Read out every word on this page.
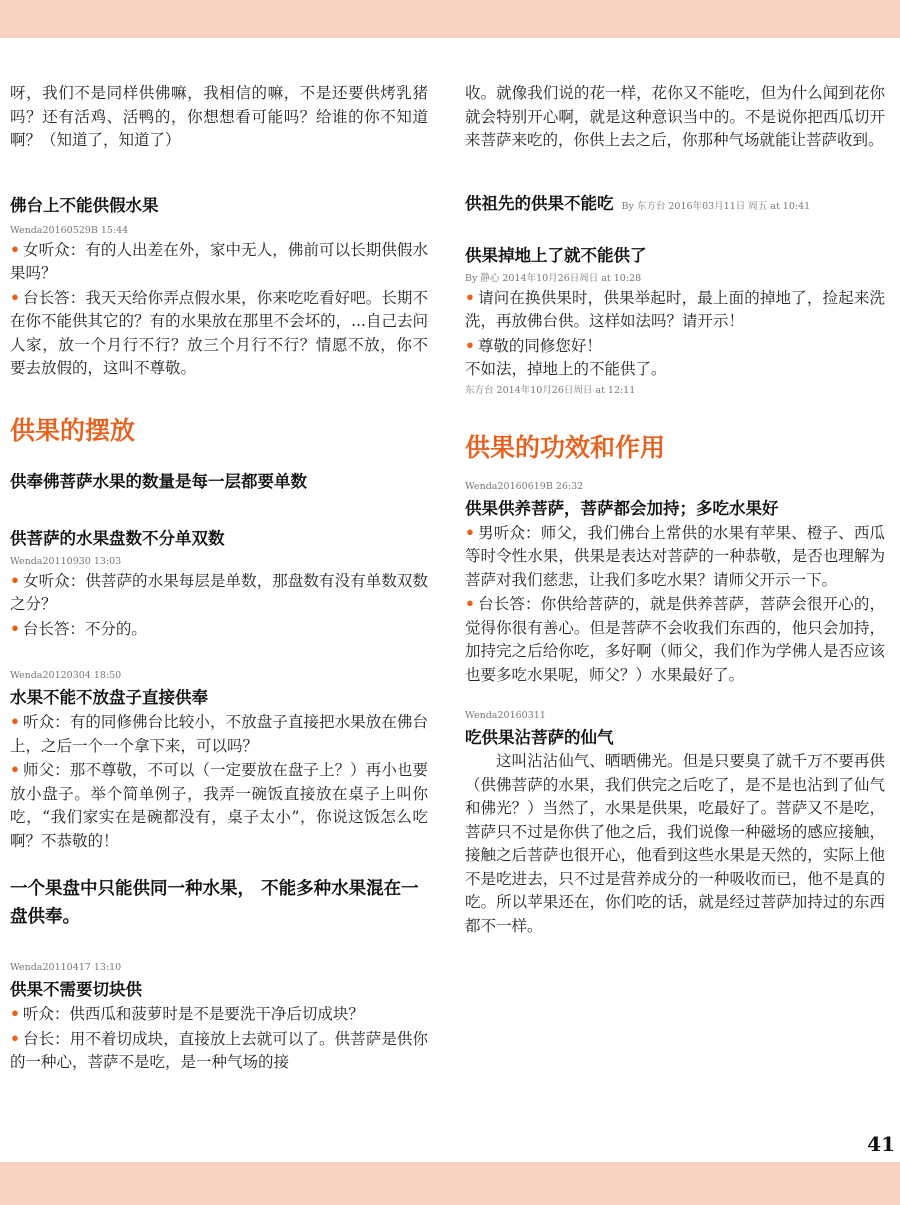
呀，我们不是同样供佛嘛，我相信的嘛，不是还要供烤乳猪吗？还有活鸡、活鸭的，你想想看可能吗？给谁的你不知道啊？（知道了，知道了）

佛台上不能供假水果

Wenda20160529B 15:44

• 女听众：有的人出差在外，家中无人，佛前可以长期供假水果吗？

• 台长答：我天天给你弄点假水果，你来吃吃看好吧。长期不在你不能供其它的？有的水果放在那里不会坏的，...自己去问人家，放一个月行不行？放三个月行不行？情愿不放，你不要去放假的，这叫不尊敬。

供果的摆放
供奉佛菩萨水果的数量是每一层都要单数
供菩萨的水果盘数不分单双数

Wenda20110930 13:03

• 女听众：供菩萨的水果每层是单数，那盘数有没有单数双数之分？

• 台长答：不分的。

Wenda20120304 18:50

水果不能不放盘子直接供奉

• 听众：有的同修佛台比较小，不放盘子直接把水果放在佛台上，之后一个一个拿下来，可以吗？

• 师父：那不尊敬，不可以（一定要放在盘子上？）再小也要放小盘子。举个简单例子，我弄一碗饭直接放在桌子上叫你吃，“我们家实在是碗都没有，桌子太小”，你说这饭怎么吃啊？不恭敬的！

一个果盘中只能供同一种水果， 不能多种水果混在一盘供奉。

Wenda20110417 13:10

供果不需要切块供

• 听众：供西瓜和菠萝时是不是要洗干净后切成块？

• 台长：用不着切成块，直接放上去就可以了。供菩萨是供你的一种心，菩萨不是吃，是一种气场的接

收。就像我们说的花一样，花你又不能吃，但为什么闻到花你就会特别开心啊，就是这种意识当中的。不是说你把西瓜切开来菩萨来吃的，你供上去之后，你那种气场就能让菩萨收到。

供祖先的供果不能吃 By 东方台 2016年03月11日 周五 at 10:41
供果掉地上了就不能供了

By 静心 2014年10月26日周日 at 10:28

• 请问在换供果时，供果举起时，最上面的掉地了，捡起来洗洗，再放佛台供。这样如法吗？请开示！

• 尊敬的同修您好！

不如法，掉地上的不能供了。

东方台 2014年10月26日周日 at 12:11

供果的功效和作用

Wenda20160619B 26:32

供果供养菩萨，菩萨都会加持；多吃水果好

• 男听众：师父，我们佛台上常供的水果有苹果、橙子、西瓜等时令性水果，供果是表达对菩萨的一种恭敬，是否也理解为菩萨对我们慈悲，让我们多吃水果？请师父开示一下。

• 台长答：你供给菩萨的，就是供养菩萨，菩萨会很开心的，觉得你很有善心。但是菩萨不会收我们东西的，他只会加持，加持完之后给你吃，多好啊（师父，我们作为学佛人是否应该也要多吃水果呢，师父？）水果最好了。

Wenda20160311

吃供果沾菩萨的仙气

这叫沾沾仙气、晒晒佛光。但是只要臭了就千万不要再供（供佛菩萨的水果，我们供完之后吃了，是不是也沾到了仙气和佛光？）当然了，水果是供果，吃最好了。菩萨又不是吃，菩萨只不过是你供了他之后，我们说像一种磁场的感应接触，接触之后菩萨也很开心，他看到这些水果是天然的，实际上他不是吃进去，只不过是营养成分的一种吸收而已，他不是真的吃。所以苹果还在，你们吃的话，就是经过菩萨加持过的东西都不一样。

41
